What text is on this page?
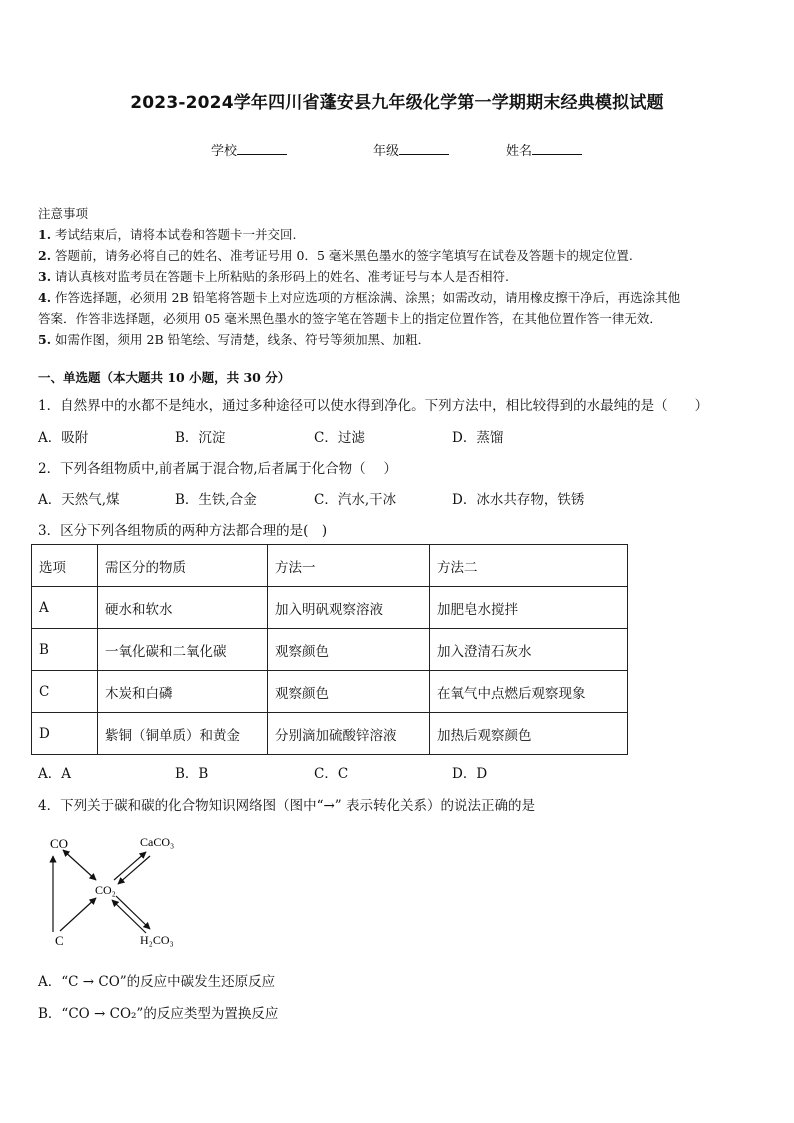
2023-2024学年四川省蓬安县九年级化学第一学期期末经典模拟试题
学校	年级	姓名
注意事项
1. 考试结束后，请将本试卷和答题卡一并交回.
2. 答题前，请务必将自己的姓名、准考证号用 0．5 毫米黑色墨水的签字笔填写在试卷及答题卡的规定位置.
3. 请认真核对监考员在答题卡上所粘贴的条形码上的姓名、准考证号与本人是否相符.
4. 作答选择题，必须用 2B 铅笔将答题卡上对应选项的方框涂满、涂黑；如需改动，请用橡皮擦干净后，再选涂其他
答案．作答非选择题，必须用 05 毫米黑色墨水的签字笔在答题卡上的指定位置作答，在其他位置作答一律无效．
5. 如需作图，须用 2B 铅笔绘、写清楚，线条、符号等须加黑、加粗．
一、单选题（本大题共 10 小题，共 30 分）
1．自然界中的水都不是纯水，通过多种途径可以使水得到净化。下列方法中，相比较得到的水最纯的是（　　）
A．吸附	B．沉淀	C．过滤	D．蒸馏
2．下列各组物质中,前者属于混合物,后者属于化合物（　 ）
A．天然气,煤	B．生铁,合金	C．汽水,干冰	D．冰水共存物，铁锈
3．区分下列各组物质的两种方法都合理的是(　)
选项	需区分的物质	方法一	方法二
A	硬水和软水	加入明矾观察溶液	加肥皂水搅拌
B	一氧化碳和二氧化碳	观察颜色	加入澄清石灰水
C	木炭和白磷	观察颜色	在氧气中点燃后观察现象
D	紫铜（铜单质）和黄金	分别滴加硫酸锌溶液	加热后观察颜色
A．A	B．B	C．C	D．D
4．下列关于碳和碳的化合物知识网络图（图中“→” 表示转化关系）的说法正确的是
CO	CaCO₃
CO₂
C	H₂CO₃
A．“C → CO”的反应中碳发生还原反应
B．“CO → CO₂”的反应类型为置换反应
